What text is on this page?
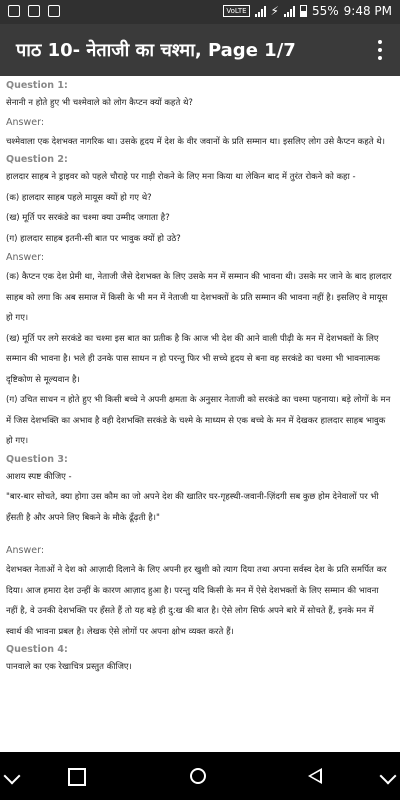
VoLTE ⚡	55% 9:48 PM
पाठ 10- नेताजी का चश्मा, Page 1/7
Question 1:
सेनानी न होते हुए भी चश्मेवाले को लोग कैप्टन क्यों कहते थे?
Answer:
चश्मेवाला एक देशभक्त नागरिक था। उसके हृदय में देश के वीर जवानों के प्रति सम्मान था। इसलिए लोग उसे कैप्टन कहते थे।
Question 2:
हालदार साहब ने ड्राइवर को पहले चौराहे पर गाड़ी रोकने के लिए मना किया था लेकिन बाद में तुरंत रोकने को कहा -
(क) हालदार साहब पहले मायूस क्यों हो गए थे?
(ख) मूर्ति पर सरकंडे का चश्मा क्या उम्मीद जगाता है?
(ग) हालदार साहब इतनी-सी बात पर भावुक क्यों हो उठे?
Answer:
(क) कैप्टन एक देश प्रेमी था, नेताजी जैसे देशभक्त के लिए उसके मन में सम्मान की भावना थी। उसके मर जाने के बाद हालदार साहब को लगा कि अब समाज में किसी के भी मन में नेताजी या देशभक्तों के प्रति सम्मान की भावना नहीं है। इसलिए वे मायूस हो गए।
(ख) मूर्ति पर लगे सरकंडे का चश्मा इस बात का प्रतीक है कि आज भी देश की आने वाली पीढ़ी के मन में देशभक्तों के लिए सम्मान की भावना है। भले ही उनके पास साधन न हो परन्तु फिर भी सच्चे हृदय से बना वह सरकंडे का चश्मा भी भावनात्मक दृष्टिकोण से मूल्यवान है।
(ग) उचित साधन न होते हुए भी किसी बच्चे ने अपनी क्षमता के अनुसार नेताजी को सरकंडे का चश्मा पहनाया। बड़े लोगों के मन में जिस देशभक्ति का अभाव है वही देशभक्ति सरकंडे के चश्मे के माध्यम से एक बच्चे के मन में देखकर हालदार साहब भावुक हो गए।
Question 3:
आशय स्पष्ट कीजिए -
"बार-बार सोचते, क्या होगा उस कौम का जो अपने देश की खातिर घर-गृहस्थी-जवानी-ज़िंदगी सब कुछ होम देनेवालों पर भी हँसती है और अपने लिए बिकने के मौके ढूँढ़ती है।"
Answer:
देशभक्त नेताओं ने देश को आज़ादी दिलाने के लिए अपनी हर खुशी को त्याग दिया तथा अपना सर्वस्व देश के प्रति समर्पित कर दिया। आज हमारा देश उन्हीं के कारण आज़ाद हुआ है। परन्तु यदि किसी के मन में ऐसे देशभक्तों के लिए सम्मान की भावना नहीं है, वे उनकी देशभक्ति पर हँसते हैं तो यह बड़े ही दु:ख की बात है। ऐसे लोग सिर्फ अपने बारे में सोचते हैं, इनके मन में स्वार्थ की भावना प्रबल है। लेखक ऐसे लोगों पर अपना क्षोभ व्यक्त करते हैं।
Question 4:
पानवाले का एक रेखाचित्र प्रस्तुत कीजिए।
